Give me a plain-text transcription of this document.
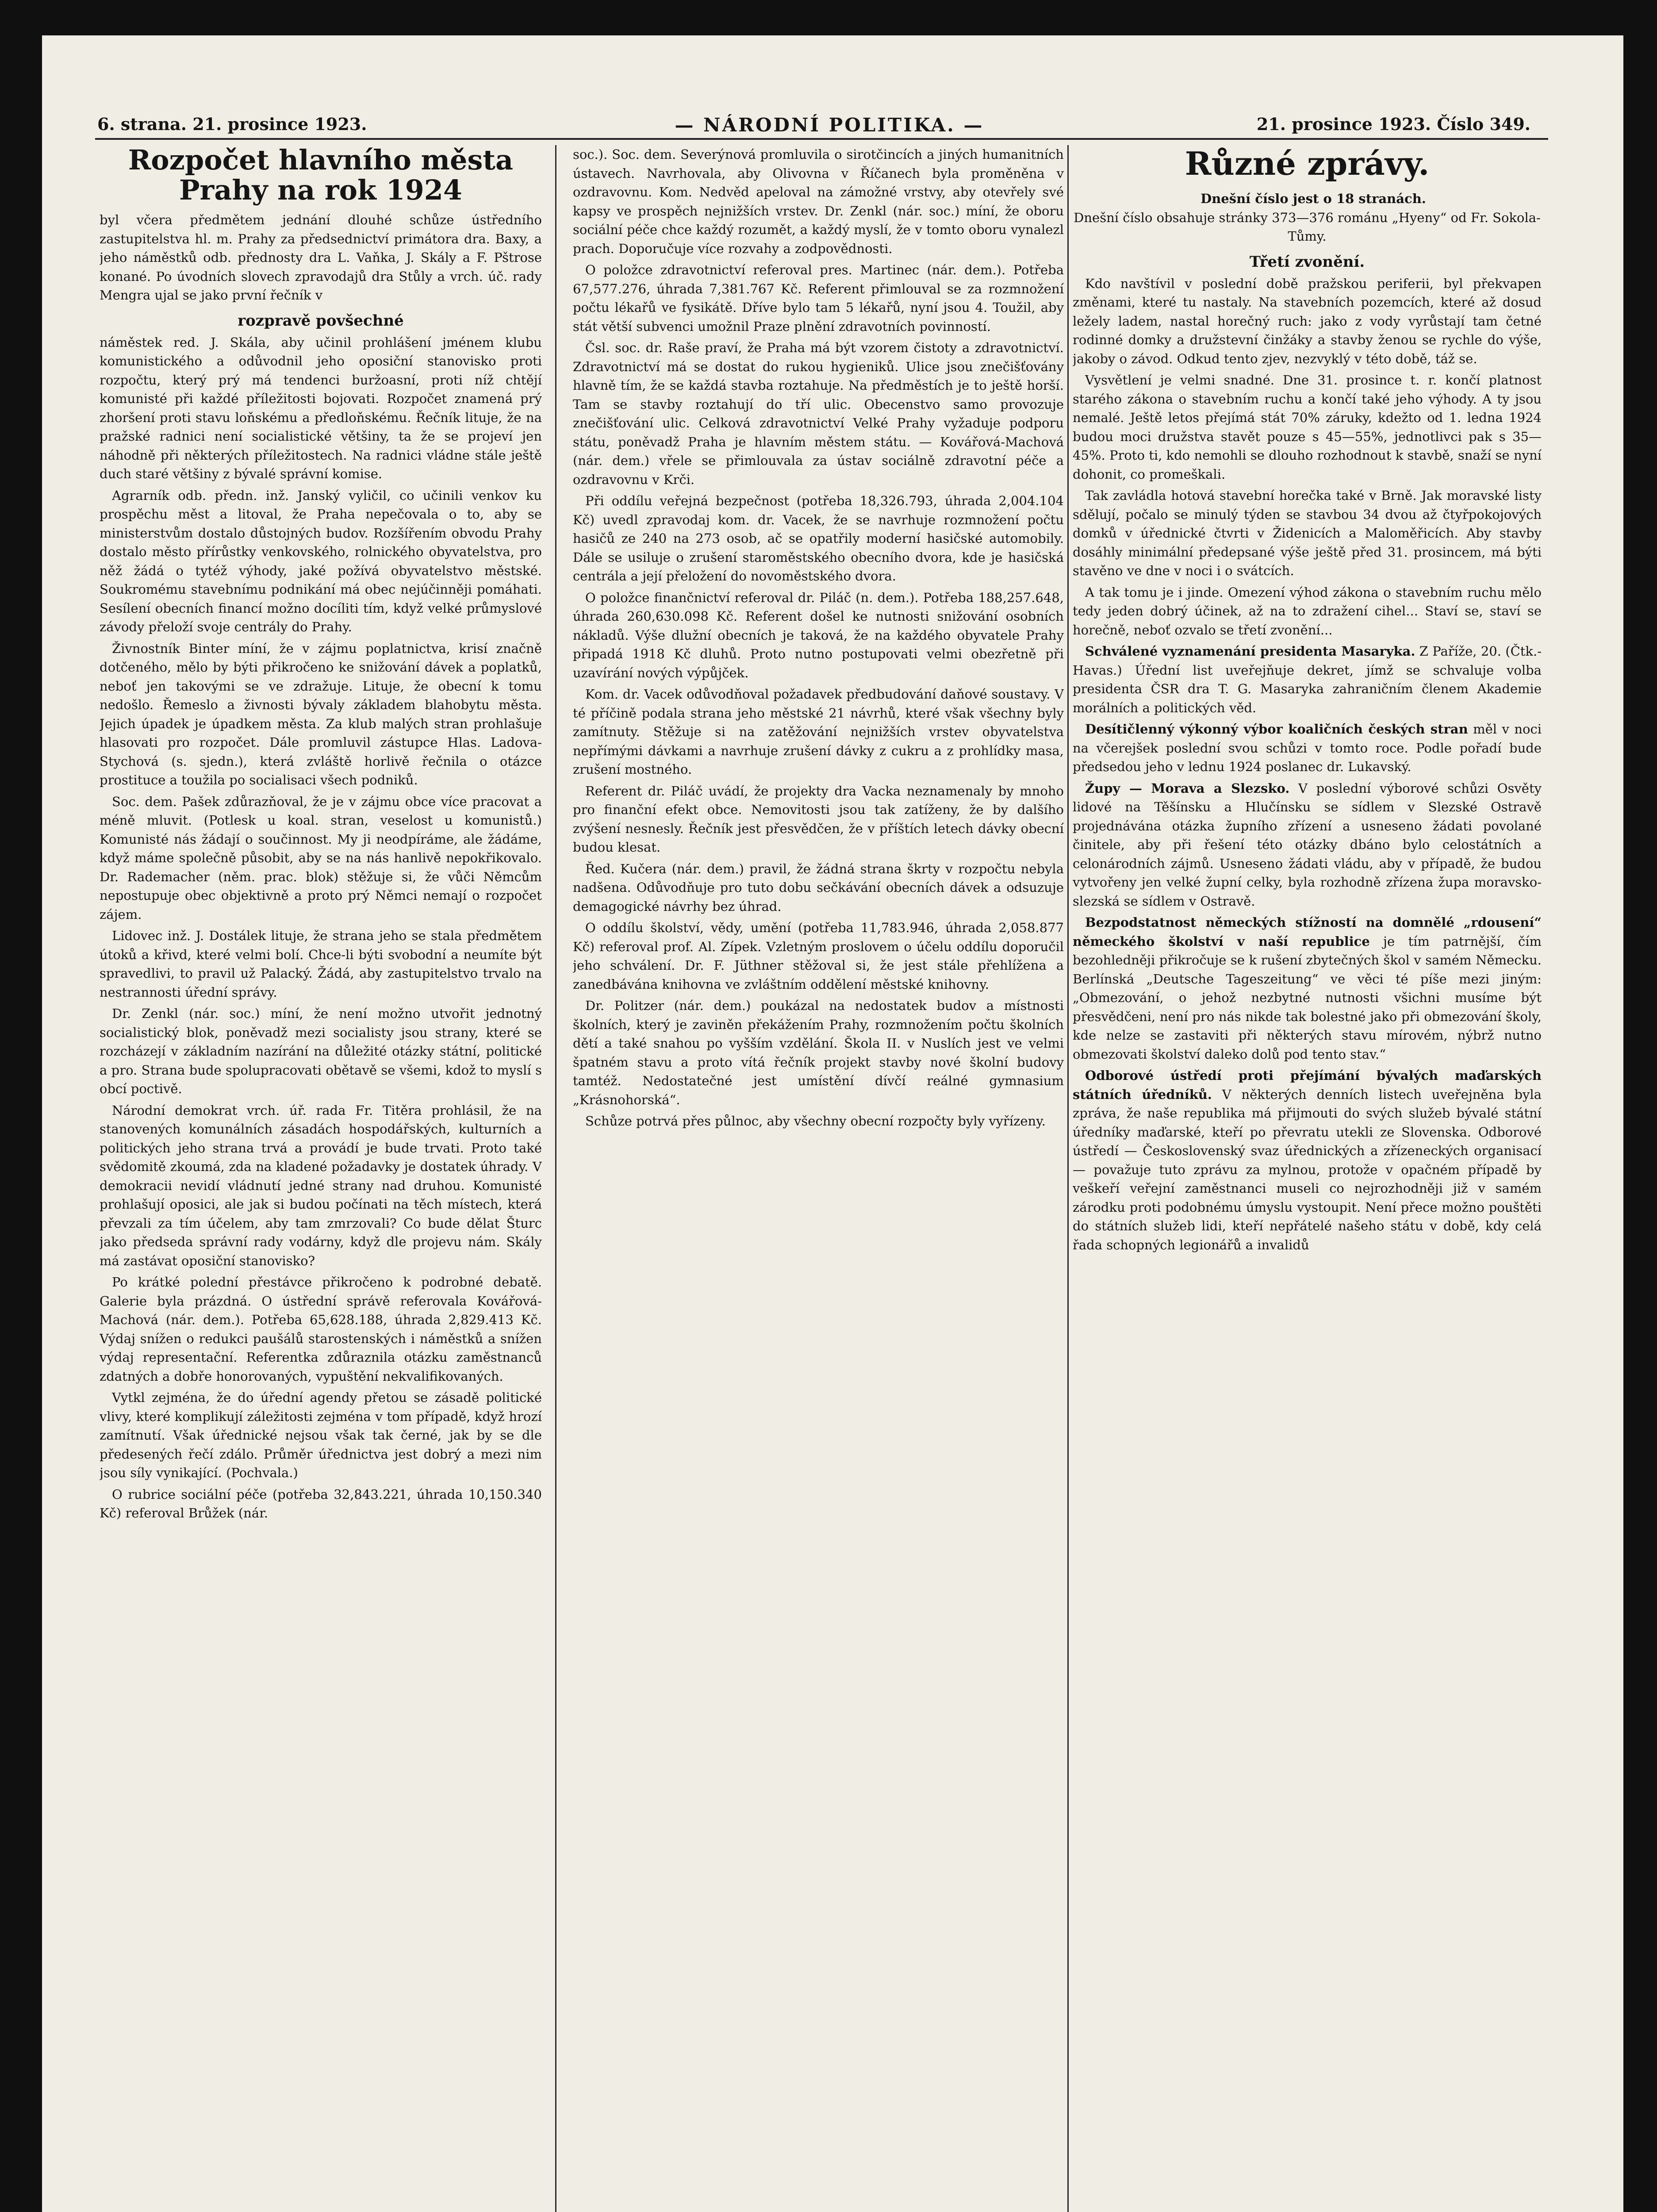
6. strana. 21. prosince 1923.	— NÁRODNÍ POLITIKA. —	21. prosince 1923. Číslo 349.
Rozpočet hlavního města Prahy na rok 1924

byl včera předmětem jednání dlouhé schůze ústředního zastupitelstva hl. m. Prahy za předsednictví primátora dra. Baxy, a jeho náměstků odb. přednosty dra L. Vaňka, J. Skály a F. Pštrose konané. Po úvodních slovech zpravodajů dra Stůly a vrch. úč. rady Mengra ujal se jako první řečník v

rozpravě povšechné

náměstek red. J. Skála, aby učinil prohlášení jménem klubu komunistického a odůvodnil jeho oposiční stanovisko proti rozpočtu, který prý má tendenci buržoasní, proti níž chtějí komunisté při každé příležitosti bojovati. Rozpočet znamená prý zhoršení proti stavu loňskému a předloňskému. Řečník lituje, že na pražské radnici není socialistické většiny, ta že se projeví jen náhodně při některých příležitostech. Na radnici vládne stále ještě duch staré většiny z bývalé správní komise.

Agrarník odb. předn. inž. Janský vyličil, co učinili venkov ku prospěchu měst a litoval, že Praha nepečovala o to, aby se ministerstvům dostalo důstojných budov. Rozšířením obvodu Prahy dostalo město přírůstky venkovského, rolnického obyvatelstva, pro něž žádá o tytéž výhody, jaké požívá obyvatelstvo městské. Soukromému stavebnímu podnikání má obec nejúčinněji pomáhati. Sesílení obecních financí možno docíliti tím, když velké průmyslové závody přeloží svoje centrály do Prahy.

Živnostník Binter míní, že v zájmu poplatnictva, krisí značně dotčeného, mělo by býti přikročeno ke snižování dávek a poplatků, neboť jen takovými se ve zdražuje. Lituje, že obecní k tomu nedošlo. Řemeslo a živnosti bývaly základem blahobytu města. Jejich úpadek je úpadkem města. Za klub malých stran prohlašuje hlasovati pro rozpočet. Dále promluvil zástupce Hlas. Ladova-Stychová (s. sjedn.), která zvláště horlivě řečnila o otázce prostituce a toužila po socialisaci všech podniků.

Soc. dem. Pašek zdůrazňoval, že je v zájmu obce více pracovat a méně mluvit. (Potlesk u koal. stran, veselost u komunistů.) Komunisté nás žádají o součinnost. My ji neodpíráme, ale žádáme, když máme společně působit, aby se na nás hanlivě nepokřikovalo. Dr. Rademacher (něm. prac. blok) stěžuje si, že vůči Němcům nepostupuje obec objektivně a proto prý Němci nemají o rozpočet zájem.

Lidovec inž. J. Dostálek lituje, že strana jeho se stala předmětem útoků a křivd, které velmi bolí. Chce-li býti svobodní a neumíte být spravedlivi, to pravil už Palacký. Žádá, aby zastupitelstvo trvalo na nestrannosti úřední správy.

Dr. Zenkl (nár. soc.) míní, že není možno utvořit jednotný socialistický blok, poněvadž mezi socialisty jsou strany, které se rozcházejí v základním nazírání na důležité otázky státní, politické a pro. Strana bude spolupracovati obětavě se všemi, kdož to myslí s obcí poctivě.

Národní demokrat vrch. úř. rada Fr. Titěra prohlásil, že na stanovených komunálních zásadách hospodářských, kulturních a politických jeho strana trvá a provádí je bude trvati. Proto také svědomitě zkoumá, zda na kladené požadavky je dostatek úhrady. V demokracii nevidí vládnutí jedné strany nad druhou. Komunisté prohlašují oposici, ale jak si budou počínati na těch místech, která převzali za tím účelem, aby tam zmrzovali? Co bude dělat Šturc jako předseda správní rady vodárny, když dle projevu nám. Skály má zastávat oposiční stanovisko?

Po krátké polední přestávce přikročeno k podrobné debatě. Galerie byla prázdná. O ústřední správě referovala Kovářová-Machová (nár. dem.). Potřeba 65,628.188, úhrada 2,829.413 Kč. Výdaj snížen o redukci paušálů starostenských i náměstků a snížen výdaj representační. Referentka zdůraznila otázku zaměstnanců zdatných a dobře honorovaných, vypuštění nekvalifikovaných.

Vytkl zejména, že do úřední agendy přetou se zásadě politické vlivy, které komplikují záležitosti zejména v tom případě, když hrozí zamítnutí. Však úřednické nejsou však tak černé, jak by se dle předesených řečí zdálo. Průměr úřednictva jest dobrý a mezi nim jsou síly vynikající. (Pochvala.)

O rubrice sociální péče (potřeba 32,843.221, úhrada 10,150.340 Kč) referoval Brůžek (nár.

soc.). Soc. dem. Severýnová promluvila o sirotčincích a jiných humanitních ústavech. Navrhovala, aby Olivovna v Říčanech byla proměněna v ozdravovnu. Kom. Nedvěd apeloval na zámožné vrstvy, aby otevřely své kapsy ve prospěch nejnižších vrstev. Dr. Zenkl (nár. soc.) míní, že oboru sociální péče chce každý rozumět, a každý myslí, že v tomto oboru vynalezl prach. Doporučuje více rozvahy a zodpovědnosti.

O položce zdravotnictví referoval pres. Martinec (nár. dem.). Potřeba 67,577.276, úhrada 7,381.767 Kč. Referent přimlouval se za rozmnožení počtu lékařů ve fysikátě. Dříve bylo tam 5 lékařů, nyní jsou 4. Toužil, aby stát větší subvenci umožnil Praze plnění zdravotních povinností.

Čsl. soc. dr. Raše praví, že Praha má být vzorem čistoty a zdravotnictví. Zdravotnictví má se dostat do rukou hygieniků. Ulice jsou znečišťovány hlavně tím, že se každá stavba roztahuje. Na předměstích je to ještě horší. Tam se stavby roztahují do tří ulic. Obecenstvo samo provozuje znečišťování ulic. Celková zdravotnictví Velké Prahy vyžaduje podporu státu, poněvadž Praha je hlavním městem státu. — Kovářová-Machová (nár. dem.) vřele se přimlouvala za ústav sociálně zdravotní péče a ozdravovnu v Krči.

Při oddílu veřejná bezpečnost (potřeba 18,326.793, úhrada 2,004.104 Kč) uvedl zpravodaj kom. dr. Vacek, že se navrhuje rozmnožení počtu hasičů ze 240 na 273 osob, ač se opatřily moderní hasičské automobily. Dále se usiluje o zrušení staroměstského obecního dvora, kde je hasičská centrála a její přeložení do novoměstského dvora.

O položce finančnictví referoval dr. Piláč (n. dem.). Potřeba 188,257.648, úhrada 260,630.098 Kč. Referent došel ke nutnosti snižování osobních nákladů. Výše dlužní obecních je taková, že na každého obyvatele Prahy připadá 1918 Kč dluhů. Proto nutno postupovati velmi obezřetně při uzavírání nových výpůjček.

Kom. dr. Vacek odůvodňoval požadavek předbudování daňové soustavy. V té příčině podala strana jeho městské 21 návrhů, které však všechny byly zamítnuty. Stěžuje si na zatěžování nejnižších vrstev obyvatelstva nepřímými dávkami a navrhuje zrušení dávky z cukru a z prohlídky masa, zrušení mostného.

Referent dr. Piláč uvádí, že projekty dra Vacka neznamenaly by mnoho pro finanční efekt obce. Nemovitosti jsou tak zatíženy, že by dalšího zvýšení nesnesly. Řečník jest přesvědčen, že v příštích letech dávky obecní budou klesat.

Řed. Kučera (nár. dem.) pravil, že žádná strana škrty v rozpočtu nebyla nadšena. Odůvodňuje pro tuto dobu sečkávání obecních dávek a odsuzuje demagogické návrhy bez úhrad.

O oddílu školství, vědy, umění (potřeba 11,783.946, úhrada 2,058.877 Kč) referoval prof. Al. Zípek. Vzletným proslovem o účelu oddílu doporučil jeho schválení. Dr. F. Jüthner stěžoval si, že jest stále přehlížena a zanedbávána knihovna ve zvláštním oddělení městské knihovny.

Dr. Politzer (nár. dem.) poukázal na nedostatek budov a místnosti školních, který je zaviněn překážením Prahy, rozmnožením počtu školních dětí a také snahou po vyšším vzdělání. Škola II. v Nuslích jest ve velmi špatném stavu a proto vítá řečník projekt stavby nové školní budovy tamtéž. Nedostatečné jest umístění dívčí reálné gymnasium „Krásnohorská“.

Schůze potrvá přes půlnoc, aby všechny obecní rozpočty byly vyřízeny.

Různé zprávy.

Dnešní číslo jest o 18 stranách.

Dnešní číslo obsahuje stránky 373—376 románu „Hyeny“ od Fr. Sokola-Tůmy.

Třetí zvonění.

Kdo navštívil v poslední době pražskou periferii, byl překvapen změnami, které tu nastaly. Na stavebních pozemcích, které až dosud ležely ladem, nastal horečný ruch: jako z vody vyrůstají tam četné rodinné domky a družstevní činžáky a stavby ženou se rychle do výše, jakoby o závod. Odkud tento zjev, nezvyklý v této době, táž se.

Vysvětlení je velmi snadné. Dne 31. prosince t. r. končí platnost starého zákona o stavebním ruchu a končí také jeho výhody. A ty jsou nemalé. Ještě letos přejímá stát 70% záruky, kdežto od 1. ledna 1924 budou moci družstva stavět pouze s 45—55%, jednotlivci pak s 35—45%. Proto ti, kdo nemohli se dlouho rozhodnout k stavbě, snaží se nyní dohonit, co promeškali.

Tak zavládla hotová stavební horečka také v Brně. Jak moravské listy sdělují, počalo se minulý týden se stavbou 34 dvou až čtyřpokojových domků v úřednické čtvrti v Židenicích a Maloměřicích. Aby stavby dosáhly minimální předepsané výše ještě před 31. prosincem, má býti stavěno ve dne v noci i o svátcích.

A tak tomu je i jinde. Omezení výhod zákona o stavebním ruchu mělo tedy jeden dobrý účinek, až na to zdražení cihel... Staví se, staví se horečně, neboť ozvalo se třetí zvonění...

Schválené vyznamenání presidenta Masaryka. Z Paříže, 20. (Čtk.-Havas.) Úřední list uveřejňuje dekret, jímž se schvaluje volba presidenta ČSR dra T. G. Masaryka zahraničním členem Akademie morálních a politických věd.

Desítičlenný výkonný výbor koaličních českých stran měl v noci na včerejšek poslední svou schůzi v tomto roce. Podle pořadí bude předsedou jeho v lednu 1924 poslanec dr. Lukavský.

Župy — Morava a Slezsko. V poslední výborové schůzi Osvěty lidové na Těšínsku a Hlučínsku se sídlem v Slezské Ostravě projednávána otázka župního zřízení a usneseno žádati povolané činitele, aby při řešení této otázky dbáno bylo celostátních a celonárodních zájmů. Usneseno žádati vládu, aby v případě, že budou vytvořeny jen velké župní celky, byla rozhodně zřízena župa moravsko-slezská se sídlem v Ostravě.

Bezpodstatnost německých stížností na domnělé „rdousení“ německého školství v naší republice je tím patrnější, čím bezohledněji přikročuje se k rušení zbytečných škol v samém Německu. Berlínská „Deutsche Tageszeitung“ ve věci té píše mezi jiným: „Obmezování, o jehož nezbytné nutnosti všichni musíme být přesvědčeni, není pro nás nikde tak bolestné jako při obmezování školy, kde nelze se zastaviti při některých stavu mírovém, nýbrž nutno obmezovati školství daleko dolů pod tento stav.“

Odborové ústředí proti přejímání bývalých maďarských státních úředníků. V některých denních listech uveřejněna byla zpráva, že naše republika má přijmouti do svých služeb bývalé státní úředníky maďarské, kteří po převratu utekli ze Slovenska. Odborové ústředí — Československý svaz úřednických a zřízeneckých organisací — považuje tuto zprávu za mylnou, protože v opačném případě by veškeří veřejní zaměstnanci museli co nejrozhodněji již v samém zárodku proti podobnému úmyslu vystoupit. Není přece možno pouštěti do státních služeb lidi, kteří nepřátelé našeho státu v době, kdy celá řada schopných legionářů a invalidů
